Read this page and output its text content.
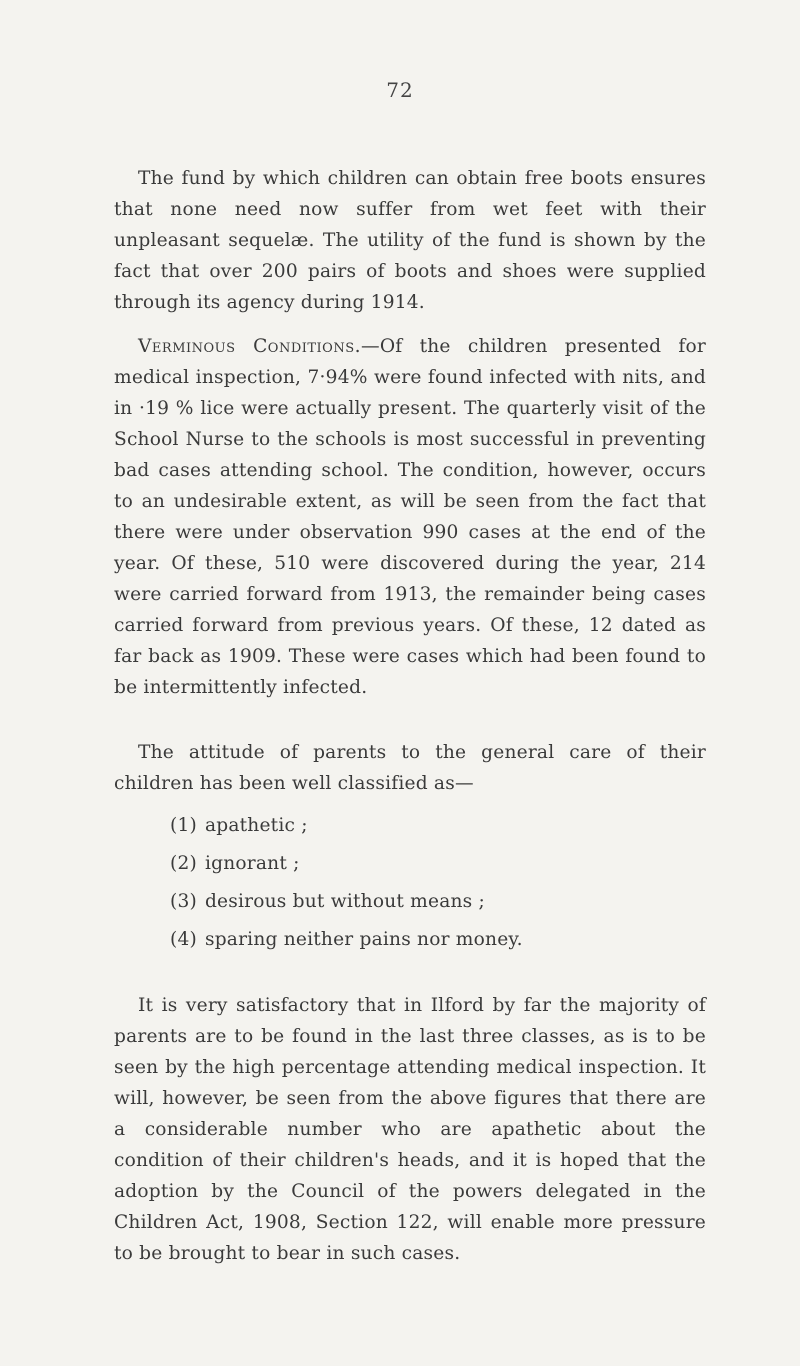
72

The fund by which children can obtain free boots ensures that none need now suffer from wet feet with their unpleasant sequelæ. The utility of the fund is shown by the fact that over 200 pairs of boots and shoes were supplied through its agency during 1914.

Verminous Conditions.—Of the children presented for medical inspection, 7·94% were found infected with nits, and in ·19 % lice were actually present. The quarterly visit of the School Nurse to the schools is most successful in preventing bad cases attending school. The condition, however, occurs to an undesirable extent, as will be seen from the fact that there were under observation 990 cases at the end of the year. Of these, 510 were discovered during the year, 214 were carried forward from 1913, the remainder being cases carried forward from previous years. Of these, 12 dated as far back as 1909. These were cases which had been found to be intermittently infected.

The attitude of parents to the general care of their children has been well classified as—

(1) apathetic ;
(2) ignorant ;
(3) desirous but without means ;
(4) sparing neither pains nor money.

It is very satisfactory that in Ilford by far the majority of parents are to be found in the last three classes, as is to be seen by the high percentage attending medical inspection. It will, however, be seen from the above figures that there are a considerable number who are apathetic about the condition of their children's heads, and it is hoped that the adoption by the Council of the powers delegated in the Children Act, 1908, Section 122, will enable more pressure to be brought to bear in such cases.
